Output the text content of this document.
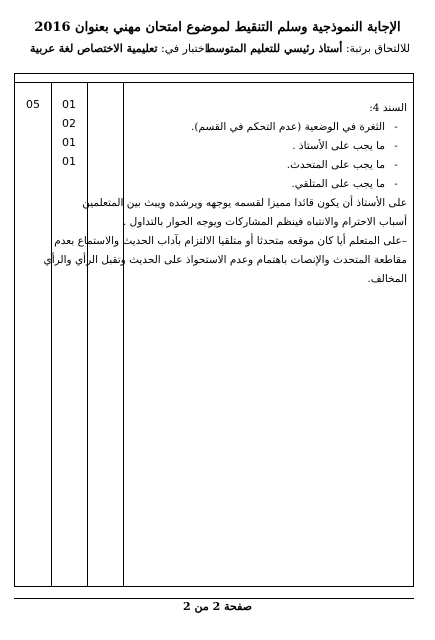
الإجابة النموذجية وسلم التنقيط لموضوع امتحان مهني بعنوان 2016
للالتحاق برتبة: أستاذ رئيسي للتعليم المتوسط
اختبار في: تعليمية الاختصاص لغة عربية
05	01
02
01
01
السند 4:
- الثغرة في الوضعية (عدم التحكم في القسم).
- ما يجب على الأستاذ .
- ما يجب على المتحدث.
- ما يجب على المتلقي.
على الأستاذ أن يكون قائدا مميزا لقسمه يوجهه ويرشده ويبث بين المتعلمين
أسباب الاحترام والانتباه فينظم المشاركات ويوجه الحوار بالتداول .
–على المتعلم أيا كان موقعه متحدثا أو متلقيا الالتزام بآداب الحديث والاستماع بعدم
مقاطعة المتحدث والإنصات باهتمام وعدم الاستحواذ على الحديث وتقبل الرأي والرأي
المخالف.
صفحة 2 من 2
